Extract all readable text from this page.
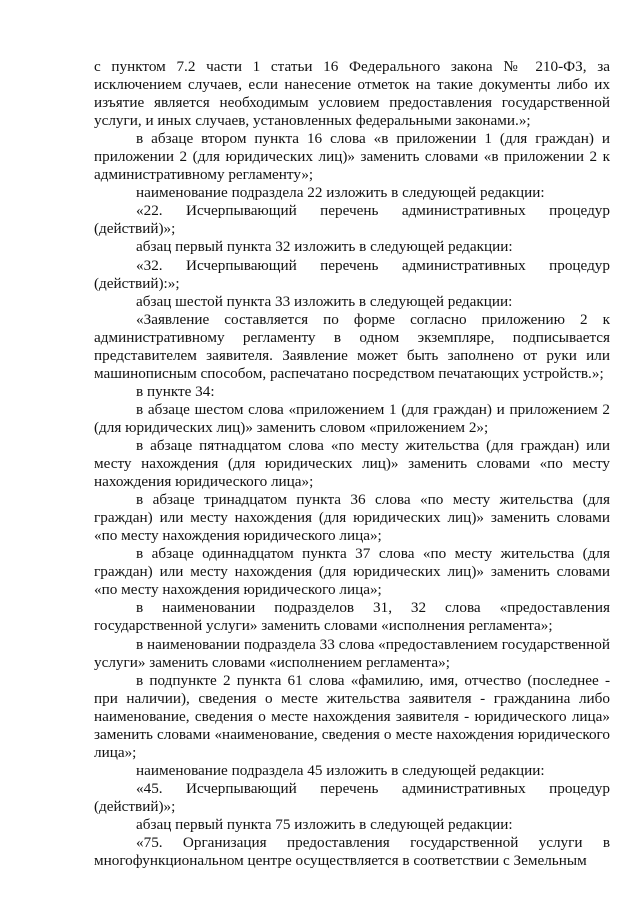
с пунктом 7.2 части 1 статьи 16 Федерального закона № 210-ФЗ, за исключением случаев, если нанесение отметок на такие документы либо их изъятие является необходимым условием предоставления государственной услуги, и иных случаев, установленных федеральными законами.»;

в абзаце втором пункта 16 слова «в приложении 1 (для граждан) и приложении 2 (для юридических лиц)» заменить словами «в приложении 2 к административному регламенту»;

наименование подраздела 22 изложить в следующей редакции:

«22. Исчерпывающий перечень административных процедур (действий)»;

абзац первый пункта 32 изложить в следующей редакции:

«32. Исчерпывающий перечень административных процедур (действий):»;

абзац шестой пункта 33 изложить в следующей редакции:

«Заявление составляется по форме согласно приложению 2 к административному регламенту в одном экземпляре, подписывается представителем заявителя. Заявление может быть заполнено от руки или машинописным способом, распечатано посредством печатающих устройств.»;

в пункте 34:

в абзаце шестом слова «приложением 1 (для граждан) и приложением 2 (для юридических лиц)» заменить словом «приложением 2»;

в абзаце пятнадцатом слова «по месту жительства (для граждан) или месту нахождения (для юридических лиц)» заменить словами «по месту нахождения юридического лица»;

в абзаце тринадцатом пункта 36 слова «по месту жительства (для граждан) или месту нахождения (для юридических лиц)» заменить словами «по месту нахождения юридического лица»;

в абзаце одиннадцатом пункта 37 слова «по месту жительства (для граждан) или месту нахождения (для юридических лиц)» заменить словами «по месту нахождения юридического лица»;

в наименовании подразделов 31, 32 слова «предоставления государственной услуги» заменить словами «исполнения регламента»;

в наименовании подраздела 33 слова «предоставлением государственной услуги» заменить словами «исполнением регламента»;

в подпункте 2 пункта 61 слова «фамилию, имя, отчество (последнее - при наличии), сведения о месте жительства заявителя - гражданина либо наименование, сведения о месте нахождения заявителя - юридического лица» заменить словами «наименование, сведения о месте нахождения юридического лица»;

наименование подраздела 45 изложить в следующей редакции:

«45. Исчерпывающий перечень административных процедур (действий)»;

абзац первый пункта 75 изложить в следующей редакции:

«75. Организация предоставления государственной услуги в многофункциональном центре осуществляется в соответствии с Земельным
